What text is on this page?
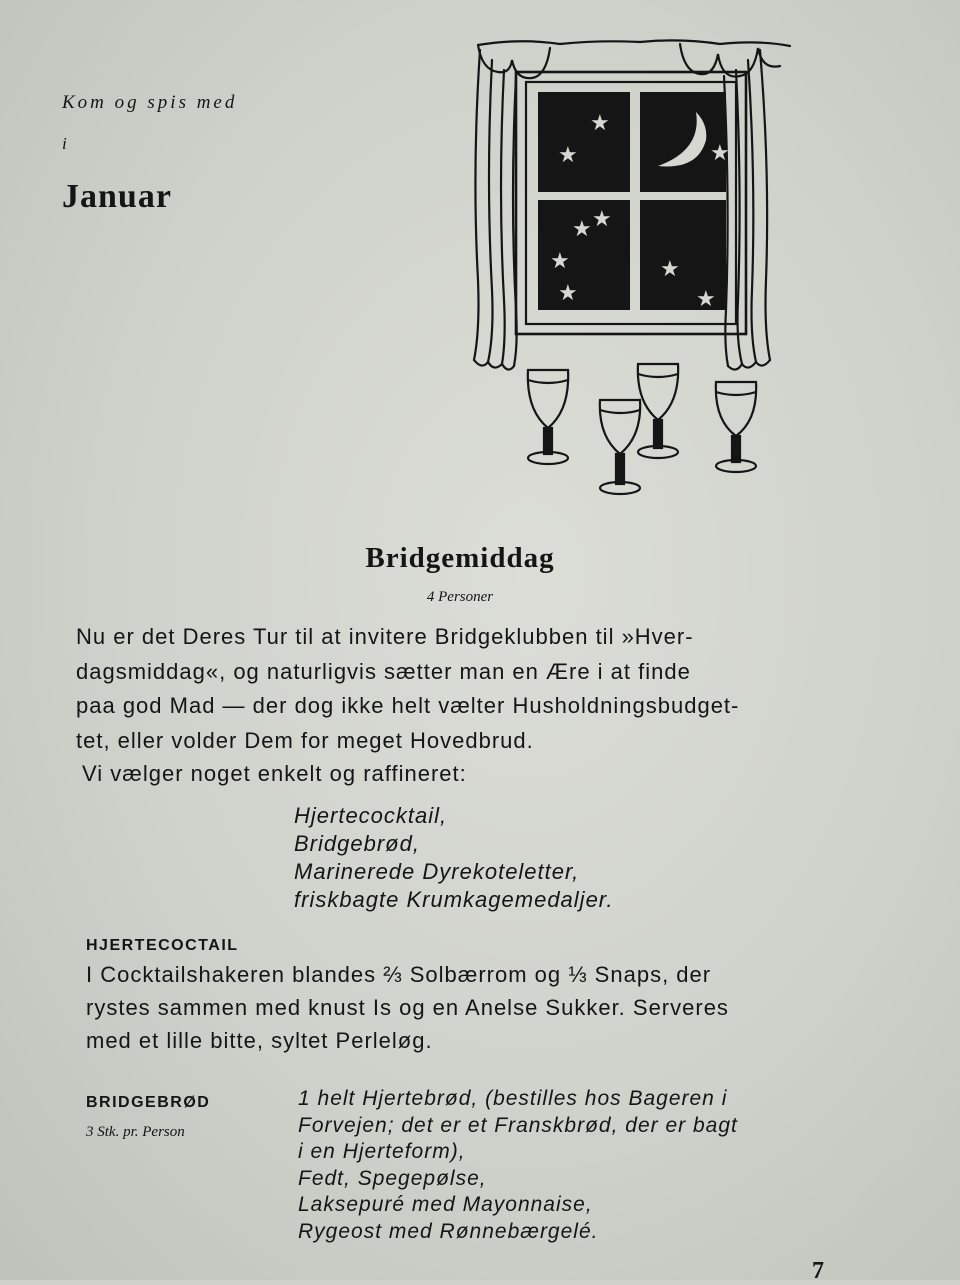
Kom og spis med
i
Januar
★
★	★
★ ★
★
★
★
★
Bridgemiddag
4 Personer
Nu er det Deres Tur til at invitere Bridgeklubben til »Hver-
dagsmiddag«, og naturligvis sætter man en Ære i at finde
paa god Mad — der dog ikke helt vælter Husholdningsbudget-
tet, eller volder Dem for meget Hovedbrud.
Vi vælger noget enkelt og raffineret:
Hjertecocktail,
Bridgebrød,
Marinerede Dyrekoteletter,
friskbagte Krumkagemedaljer.
HJERTECOCTAIL
I Cocktailshakeren blandes ⅔ Solbærrom og ⅓ Snaps, der
rystes sammen med knust Is og en Anelse Sukker. Serveres
med et lille bitte, syltet Perleløg.
BRIDGEBRØD
3 Stk. pr. Person
1 helt Hjertebrød, (bestilles hos Bageren i
Forvejen; det er et Franskbrød, der er bagt
i en Hjerteform),
Fedt, Spegepølse,
Laksepuré med Mayonnaise,
Rygeost med Rønnebærgelé.
7
